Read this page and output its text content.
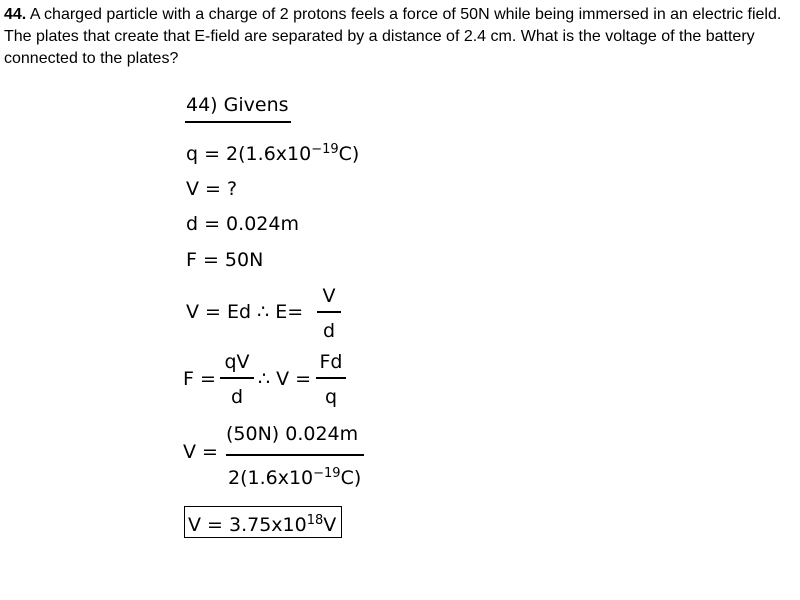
44. A charged particle with a charge of 2 protons feels a force of 50N while being immersed in an electric field. The plates that create that E-field are separated by a distance of 2.4 cm. What is the voltage of the battery connected to the plates?
44) Givens
$q = 2(1.6x10^{-19}C)$
V = ?
d = 0.024m
F = 50N
V = Ed ∴ E=
V
d
F =
qV
d
∴ V =
Fd
q
V =
(50N) 0.024m
$2(1.6x10^{-19}C)$
$V = 3.75x10^{18}V$
